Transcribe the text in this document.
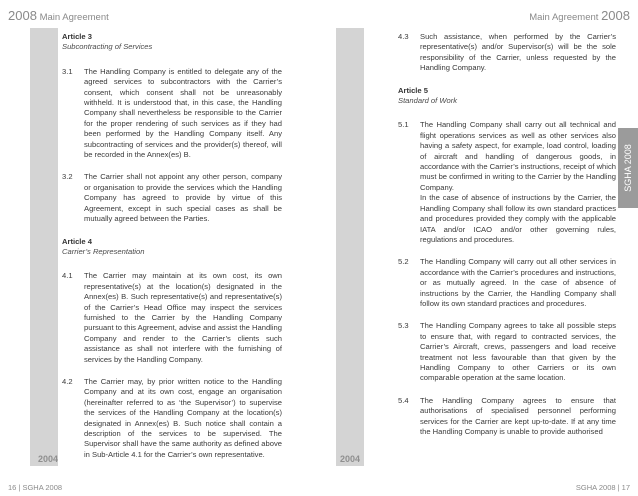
2008 Main Agreement	Main Agreement 2008
2004	2004
SGHA 2008
Article 3
Subcontracting of Services
3.1 The Handling Company is entitled to delegate any of the agreed services to subcontractors with the Carrier’s consent, which consent shall not be unreasonably withheld. It is understood that, in this case, the Handling Company shall nevertheless be responsible to the Carrier for the proper rendering of such services as if they had been performed by the Handling Company itself. Any subcontracting of services and the provider(s) thereof, will be recorded in the Annex(es) B.
3.2 The Carrier shall not appoint any other person, company or organisation to provide the services which the Handling Company has agreed to provide by virtue of this Agreement, except in such special cases as shall be mutually agreed between the Parties.
Article 4
Carrier’s Representation
4.1 The Carrier may maintain at its own cost, its own representative(s) at the location(s) designated in the Annex(es) B. Such representative(s) and representative(s) of the Carrier’s Head Office may inspect the services furnished to the Carrier by the Handling Company pursuant to this Agreement, advise and assist the Handling Company and render to the Carrier’s clients such assistance as shall not interfere with the furnishing of services by the Handling Company.
4.2 The Carrier may, by prior written notice to the Handling Company and at its own cost, engage an organisation (hereinafter referred to as ‘the Supervisor’) to supervise the services of the Handling Company at the location(s) designated in Annex(es) B. Such notice shall contain a description of the services to be supervised. The Supervisor shall have the same authority as defined above in Sub-Article 4.1 for the Carrier’s own representative.
4.3 Such assistance, when performed by the Carrier’s representative(s) and/or Supervisor(s) will be the sole responsibility of the Carrier, unless requested by the Handling Company.
Article 5
Standard of Work
5.1 The Handling Company shall carry out all technical and flight operations services as well as other services also having a safety aspect, for example, load control, loading of aircraft and handling of dangerous goods, in accordance with the Carrier’s instructions, receipt of which must be confirmed in writing to the Carrier by the Handling Company.
In the case of absence of instructions by the Carrier, the Handling Company shall follow its own standard practices and procedures provided they comply with the applicable IATA and/or ICAO and/or other governing rules, regulations and procedures.
5.2 The Handling Company will carry out all other services in accordance with the Carrier’s procedures and instructions, or as mutually agreed. In the case of absence of instructions by the Carrier, the Handling Company shall follow its own standard practices and procedures.
5.3 The Handling Company agrees to take all possible steps to ensure that, with regard to contracted services, the Carrier’s Aircraft, crews, passengers and load receive treatment not less favourable than that given by the Handling Company to other Carriers or its own comparable operation at the same location.
5.4 The Handling Company agrees to ensure that authorisations of specialised personnel performing services for the Carrier are kept up-to-date. If at any time the Handling Company is unable to provide authorised
16 | SGHA 2008	SGHA 2008 | 17
